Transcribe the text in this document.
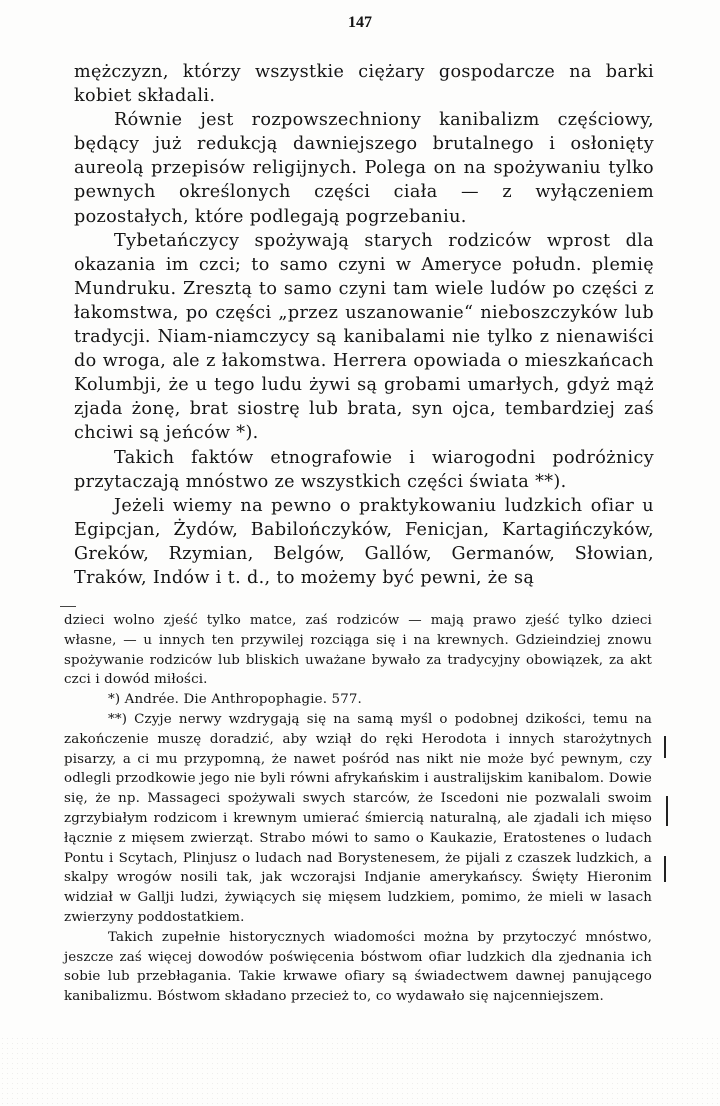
147

mężczyzn, którzy wszystkie ciężary gospodarcze na barki kobiet składali.

Równie jest rozpowszechniony kanibalizm częściowy, będący już redukcją dawniejszego brutalnego i osłonięty aureolą przepisów religijnych. Polega on na spożywaniu tylko pewnych określonych części ciała — z wyłączeniem pozostałych, które podlegają pogrzebaniu.

Tybetańczycy spożywają starych rodziców wprost dla okazania im czci; to samo czyni w Ameryce połudn. plemię Mundruku. Zresztą to samo czyni tam wiele ludów po części z łakomstwa, po części „przez uszanowanie“ nieboszczyków lub tradycji. Niam-niamczycy są kanibalami nie tylko z nienawiści do wroga, ale z łakomstwa. Herrera opowiada o mieszkańcach Kolumbji, że u tego ludu żywi są grobami umarłych, gdyż mąż zjada żonę, brat siostrę lub brata, syn ojca, tembardziej zaś chciwi są jeńców *).

Takich faktów etnografowie i wiarogodni podróżnicy przytaczają mnóstwo ze wszystkich części świata **).

Jeżeli wiemy na pewno o praktykowaniu ludzkich ofiar u Egipcjan, Żydów, Babilończyków, Fenicjan, Kartagińczyków, Greków, Rzymian, Belgów, Gallów, Germanów, Słowian, Traków, Indów i t. d., to możemy być pewni, że są

dzieci wolno zjeść tylko matce, zaś rodziców — mają prawo zjeść tylko dzieci własne, — u innych ten przywilej rozciąga się i na krewnych. Gdzieindziej znowu spożywanie rodziców lub bliskich uważane bywało za tradycyjny obowiązek, za akt czci i dowód miłości.

*) Andrée. Die Anthropophagie. 577.

**) Czyje nerwy wzdrygają się na samą myśl o podobnej dzikości, temu na zakończenie muszę doradzić, aby wziął do ręki Herodota i innych starożytnych pisarzy, a ci mu przypomną, że nawet pośród nas nikt nie może być pewnym, czy odlegli przodkowie jego nie byli równi afrykańskim i australijskim kanibalom. Dowie się, że np. Massageci spożywali swych starców, że Iscedoni nie pozwalali swoim zgrzybiałym rodzicom i krewnym umierać śmiercią naturalną, ale zjadali ich mięso łącznie z mięsem zwierząt. Strabo mówi to samo o Kaukazie, Eratostenes o ludach Pontu i Scytach, Plinjusz o ludach nad Borystenesem, że pijali z czaszek ludzkich, a skalpy wrogów nosili tak, jak wczorajsi Indjanie amerykańscy. Święty Hieronim widział w Gallji ludzi, żywiących się mięsem ludzkiem, pomimo, że mieli w lasach zwierzyny poddostatkiem.

Takich zupełnie historycznych wiadomości można by przytoczyć mnóstwo, jeszcze zaś więcej dowodów poświęcenia bóstwom ofiar ludzkich dla zjednania ich sobie lub przebłagania. Takie krwawe ofiary są świadectwem dawnej panującego kanibalizmu. Bóstwom składano przecież to, co wydawało się najcenniejszem.
